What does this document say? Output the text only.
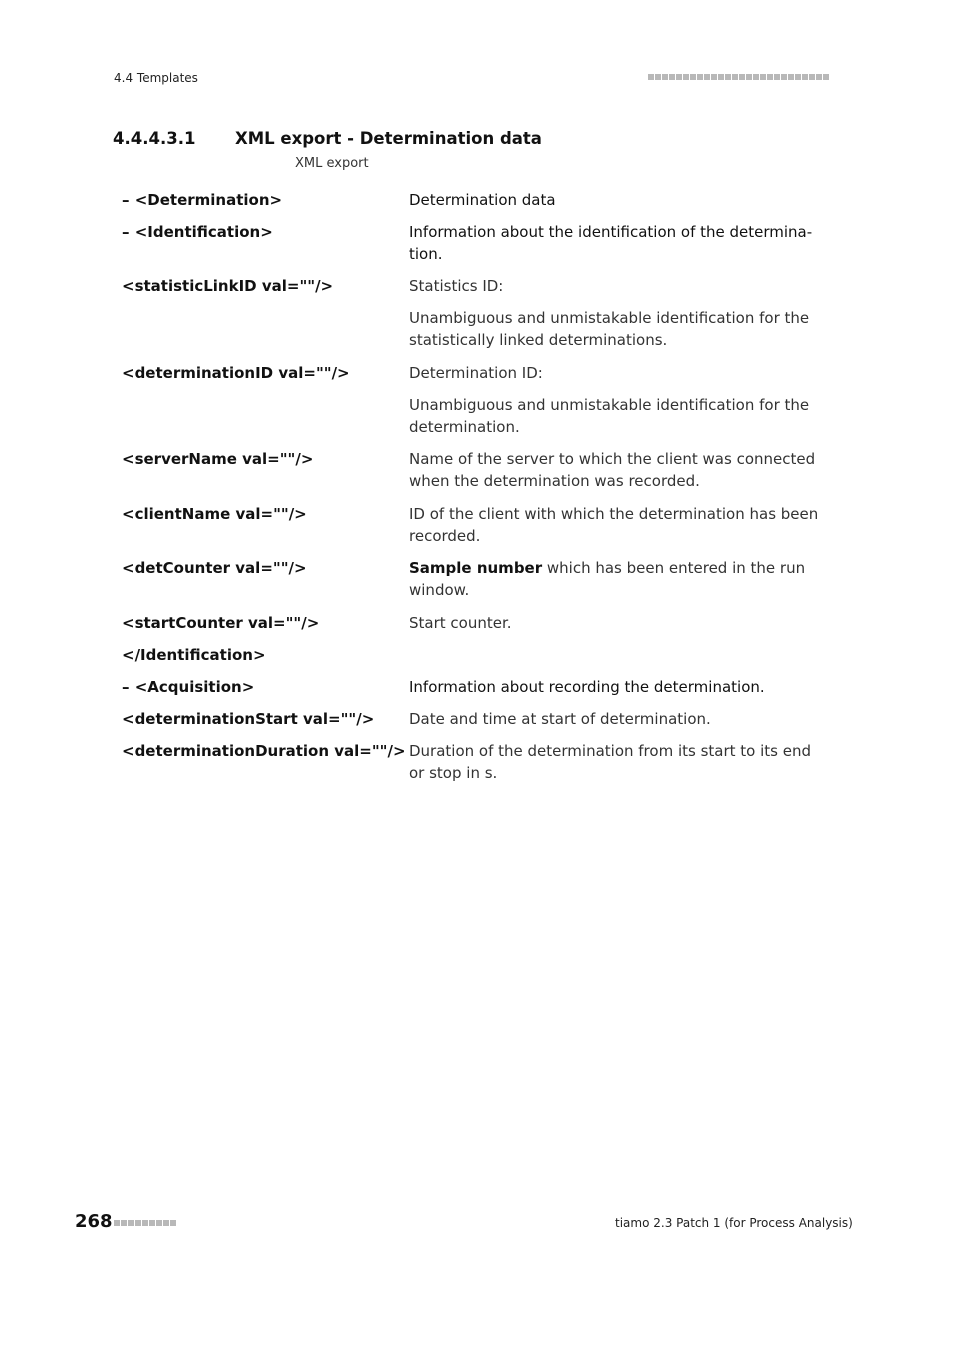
4.4 Templates
4.4.4.3.1	XML export - Determination data
XML export
– <Determination>	Determination data
– <Identification>	Information about the identification of the determina-tion.
<statisticLinkID val=""/>	Statistics ID:
Unambiguous and unmistakable identification for the statistically linked determinations.
<determinationID val=""/>	Determination ID:
Unambiguous and unmistakable identification for the determination.
<serverName val=""/>	Name of the server to which the client was connected when the determination was recorded.
<clientName val=""/>	ID of the client with which the determination has been recorded.
<detCounter val=""/>	Sample number which has been entered in the run window.
<startCounter val=""/>	Start counter.
</Identification>
– <Acquisition>	Information about recording the determination.
<determinationStart val=""/>	Date and time at start of determination.
<determinationDuration val=""/> Duration of the determination from its start to its end or stop in s.
268	tiamo 2.3 Patch 1 (for Process Analysis)
